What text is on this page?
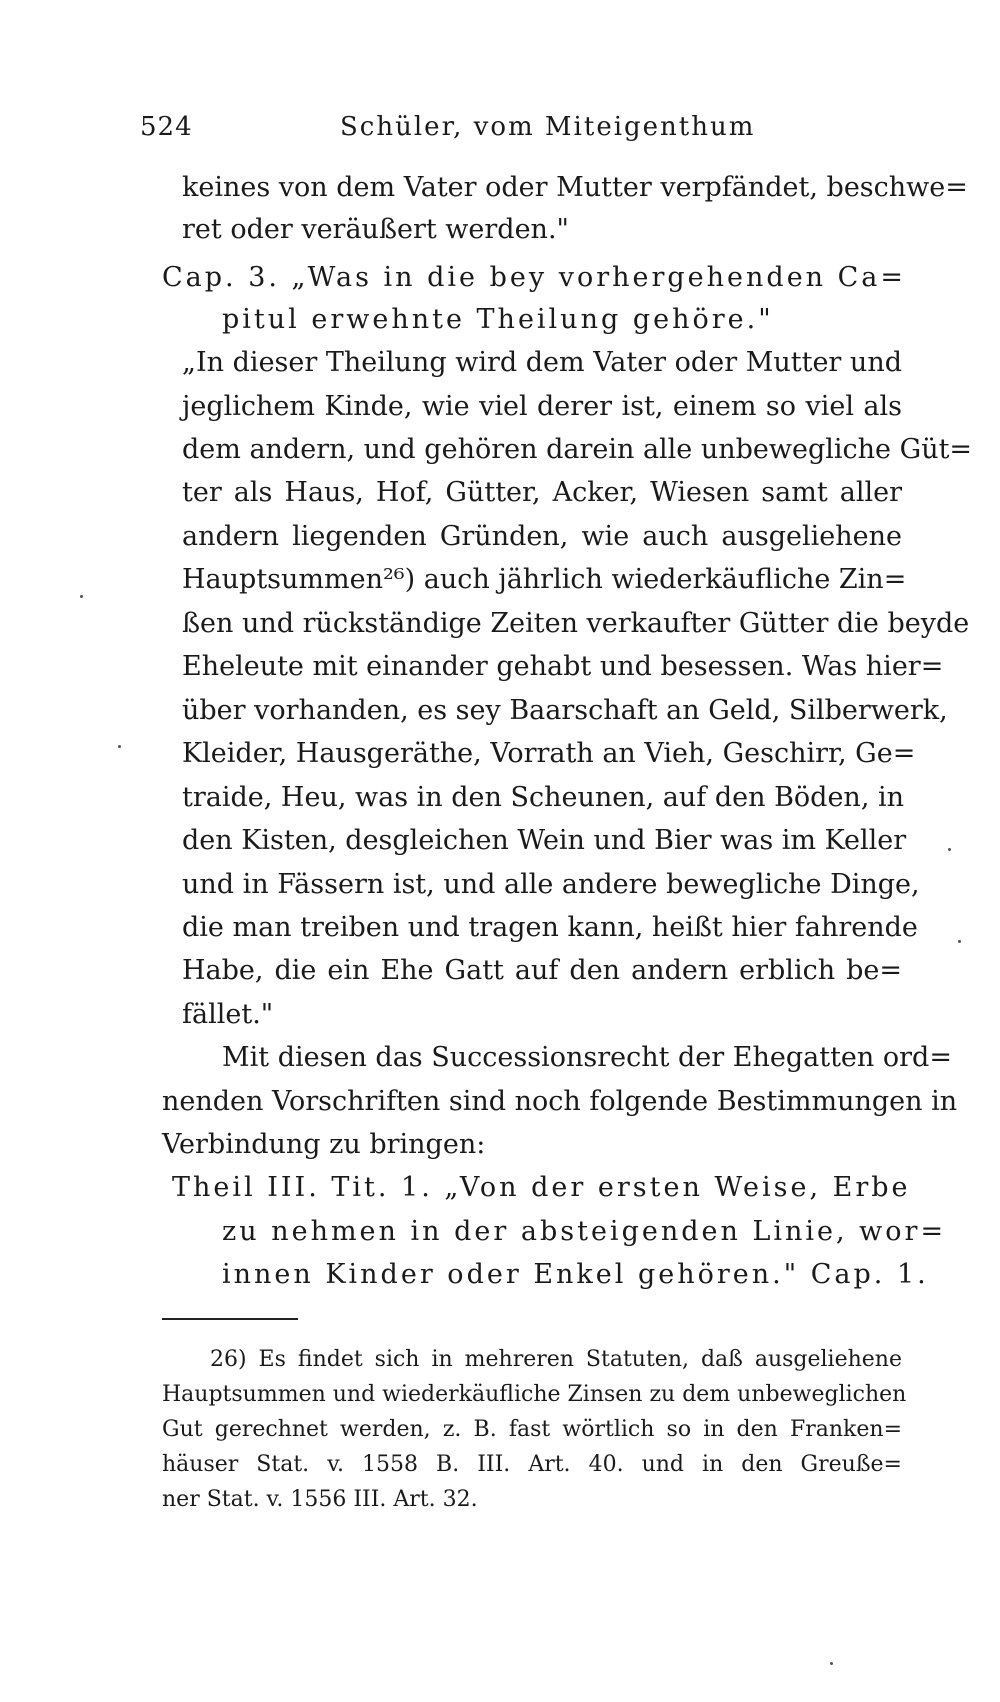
524	Schüler, vom Miteigenthum
keines von dem Vater oder Mutter verpfändet, beschwe=
ret oder veräußert werden."
Cap. 3. „Was in die bey vorhergehenden Ca=
pitul erwehnte Theilung gehöre."
„In dieser Theilung wird dem Vater oder Mutter und
jeglichem Kinde, wie viel derer ist, einem so viel als
dem andern, und gehören darein alle unbewegliche Güt=
ter als Haus, Hof, Gütter, Acker, Wiesen samt aller
andern liegenden Gründen, wie auch ausgeliehene
Hauptsummen²⁶) auch jährlich wiederkäufliche Zin=
ßen und rückständige Zeiten verkaufter Gütter die beyde
Eheleute mit einander gehabt und besessen. Was hier=
über vorhanden, es sey Baarschaft an Geld, Silberwerk,
Kleider, Hausgeräthe, Vorrath an Vieh, Geschirr, Ge=
traide, Heu, was in den Scheunen, auf den Böden, in
den Kisten, desgleichen Wein und Bier was im Keller
und in Fässern ist, und alle andere bewegliche Dinge,
die man treiben und tragen kann, heißt hier fahrende
Habe, die ein Ehe Gatt auf den andern erblich be=
fället."
Mit diesen das Successionsrecht der Ehegatten ord=
nenden Vorschriften sind noch folgende Bestimmungen in
Verbindung zu bringen:
Theil III. Tit. 1. „Von der ersten Weise, Erbe
zu nehmen in der absteigenden Linie, wor=
innen Kinder oder Enkel gehören." Cap. 1.
26) Es findet sich in mehreren Statuten, daß ausgeliehene
Hauptsummen und wiederkäufliche Zinsen zu dem unbeweglichen
Gut gerechnet werden, z. B. fast wörtlich so in den Franken=
häuser Stat. v. 1558 B. III. Art. 40. und in den Greuße=
ner Stat. v. 1556 III. Art. 32.
